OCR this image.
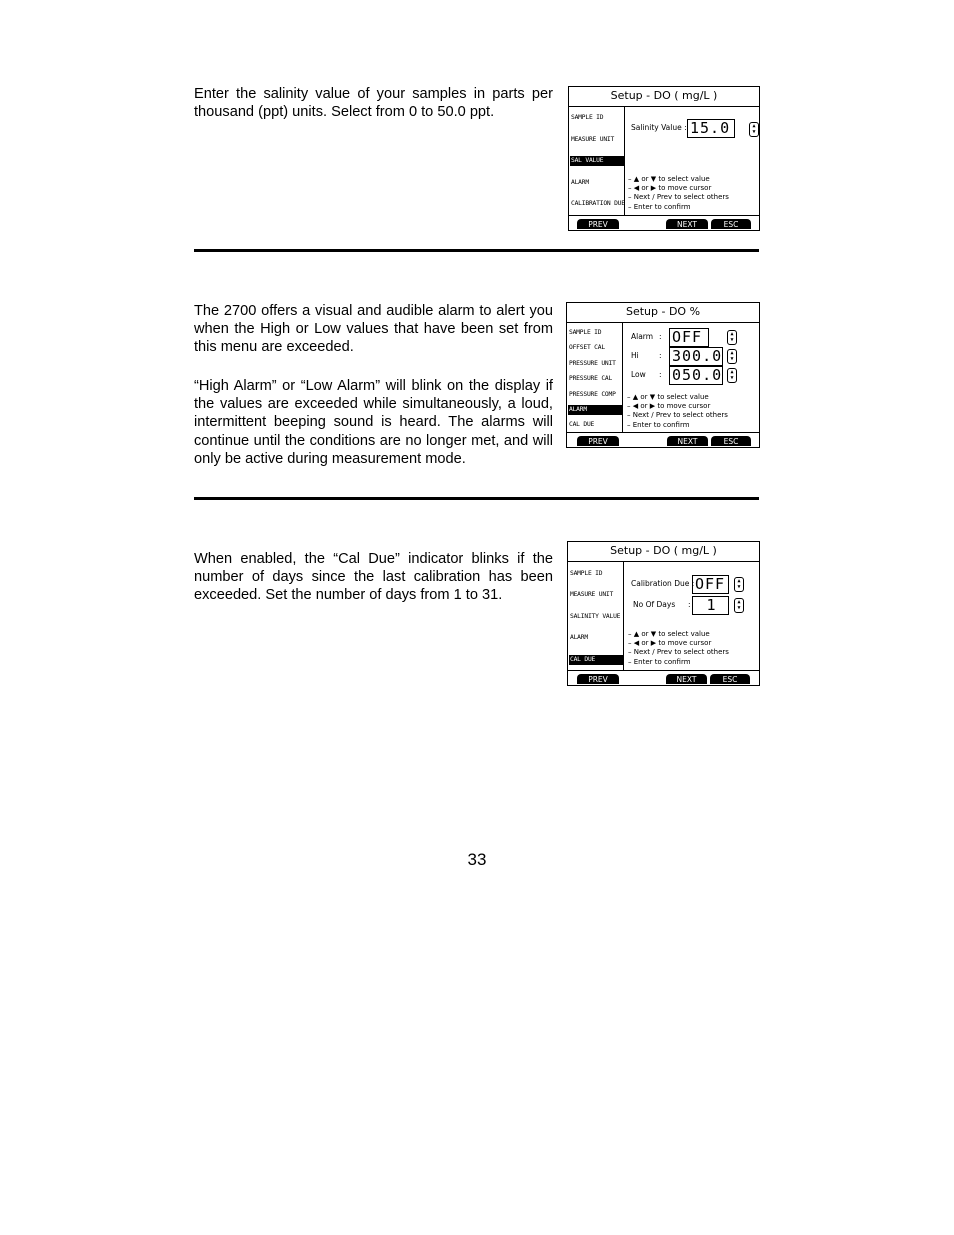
Enter the salinity value of your samples in parts per thousand (ppt) units. Select from 0 to 50.0 ppt.

Setup - DO ( mg/L )
SAMPLE ID
MEASURE UNIT
SAL VALUE
ALARM
CALIBRATION DUE
Salinity Value : 15.0	▲
▼
– ▲ or ▼ to select value
– ◀ or ▶ to move cursor
– Next / Prev to select others
– Enter to confirm
PREV	NEXT	ESC

The 2700 offers a visual and audible alarm to alert you when the High or Low values that have been set from this menu are exceeded.

“High Alarm” or “Low Alarm” will blink on the display if the values are exceeded while simultaneously, a loud, intermittent beeping sound is heard. The alarms will continue until the conditions are no longer met, and will only be active during measurement mode.

Setup - DO %
SAMPLE ID
OFFSET CAL
PRESSURE UNIT
PRESSURE CAL
PRESSURE COMP
ALARM
CAL DUE
Alarm : OFF	▲
▼
Hi	: 300.0	▲
▼
Low : 050.0	▲
▼
– ▲ or ▼ to select value
– ◀ or ▶ to move cursor
– Next / Prev to select others
– Enter to confirm
PREV	NEXT	ESC

When enabled, the “Cal Due” indicator blinks if the number of days since the last calibration has been exceeded. Set the number of days from 1 to 31.

Setup - DO ( mg/L )
SAMPLE ID
MEASURE UNIT
SALINITY VALUE
ALARM
CAL DUE
Calibration Due : OFF	▲
▼
No Of Days :	1	▲
▼
– ▲ or ▼ to select value
– ◀ or ▶ to move cursor
– Next / Prev to select others
– Enter to confirm
PREV	NEXT	ESC
33
